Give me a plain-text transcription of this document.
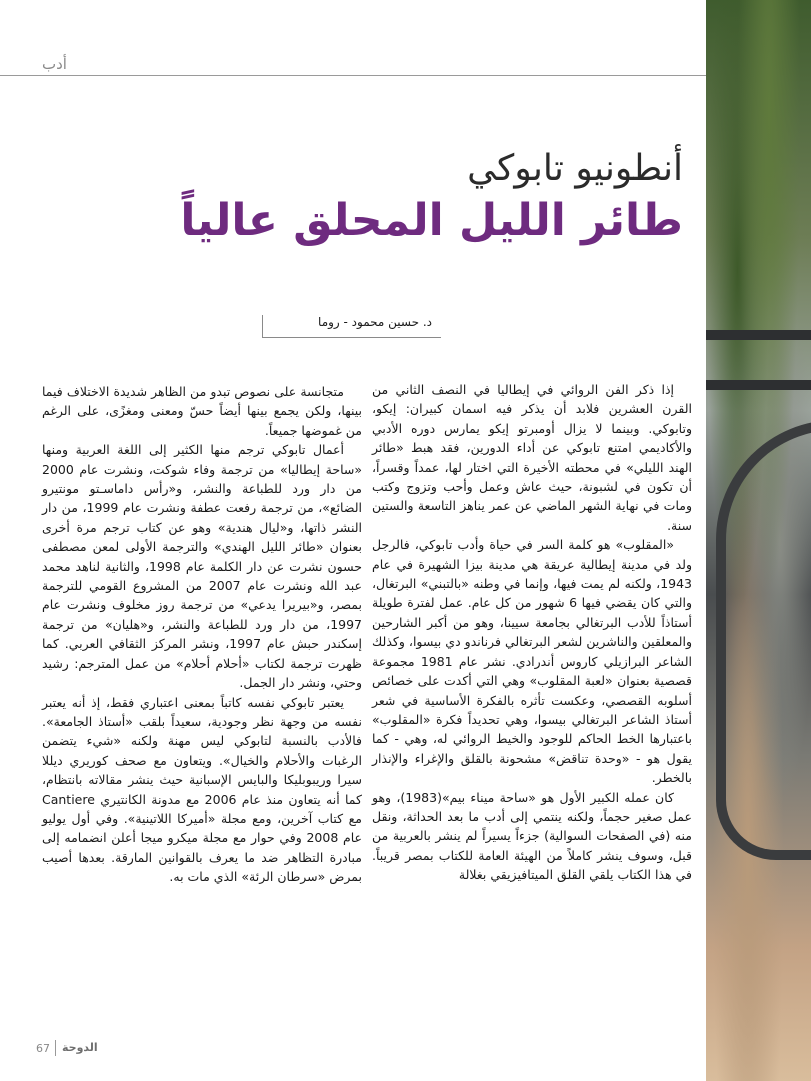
أدب
أنطونيو تابوكي
طائر الليل المحلق عالياً
د. حسين محمود - روما

إذا ذكر الفن الروائي في إيطاليا في النصف الثاني من القرن العشرين فلابد أن يذكر فيه اسمان كبيران: إيكو، وتابوكي. وبينما لا يزال أومبرتو إيكو يمارس دوره الأدبي والأكاديمي امتنع تابوكي عن أداء الدورين، فقد هبط «طائر الهند الليلي» في محطته الأخيرة التي اختار لها، عمداً وقسراً، أن تكون في لشبونة، حيث عاش وعمل وأحب وتزوج وكتب ومات في نهاية الشهر الماضي عن عمر يناهز التاسعة والستين سنة.

«المقلوب» هو كلمة السر في حياة وأدب تابوكي، فالرجل ولد في مدينة إيطالية عريقة هي مدينة بيزا الشهيرة في عام 1943، ولكنه لم يمت فيها، وإنما في وطنه «بالتبني» البرتغال، والتي كان يقضي فيها 6 شهور من كل عام. عمل لفترة طويلة أستاذاً للأدب البرتغالي بجامعة سيينا، وهو من أكبر الشارحين والمعلقين والناشرين لشعر البرتغالي فرناندو دي بيسوا، وكذلك الشاعر البرازيلي كاروس أندرادي. نشر عام 1981 مجموعة قصصية بعنوان «لعبة المقلوب» وهي التي أكدت على خصائص أسلوبه القصصي، وعكست تأثره بالفكرة الأساسية في شعر أستاذ الشاعر البرتغالي بيسوا، وهي تحديداً فكرة «المقلوب» باعتبارها الخط الحاكم للوجود والخيط الروائي له، وهي - كما يقول هو - «وحدة تناقض» مشحونة بالقلق والإغراء والإنذار بالخطر.

كان عمله الكبير الأول هو «ساحة ميناء بيم»(1983)، وهو عمل صغير حجماً، ولكنه ينتمي إلى أدب ما بعد الحداثة، ونقل منه (في الصفحات السوالية) جزءاً يسيراً لم ينشر بالعربية من قبل، وسوف ينشر كاملاً من الهيئة العامة للكتاب بمصر قريباً. في هذا الكتاب يلقي القلق الميتافيزيقي بغلالة

متجانسة على نصوص تبدو من الظاهر شديدة الاختلاف فيما بينها، ولكن يجمع بينها أيضاً حسّ ومعنى ومغزًى، على الرغم من غموضها جميعاً.

أعمال تابوكي ترجم منها الكثير إلى اللغة العربية ومنها «ساحة إيطاليا» من ترجمة وفاء شوكت، ونشرت عام 2000 من دار ورد للطباعة والنشر، و«رأس داماسـتو مونتيرو الضائع»، من ترجمة رفعت عطفة ونشرت عام 1999، من دار النشر ذاتها، و«ليال هندية» وهو عن كتاب ترجم مرة أخرى بعنوان «طائر الليل الهندي» والترجمة الأولى لمعن مصطفى حسون نشرت عن دار الكلمة عام 1998، والثانية لناهد محمد عبد الله ونشرت عام 2007 من المشروع القومي للترجمة بمصر، و«بيريرا يدعي» من ترجمة روز مخلوف ونشرت عام 1997، من دار ورد للطباعة والنشر، و«هليان» من ترجمة إسكندر حبش عام 1997، ونشر المركز الثقافي العربي. كما ظهرت ترجمة لكتاب «أحلام أحلام» من عمل المترجم: رشيد وحتي، ونشر دار الجمل.

يعتبر تابوكي نفسه كاتباً بمعنى اعتباري فقط، إذ أنه يعتبر نفسه من وجهة نظر وجودية، سعيداً بلقب «أستاذ الجامعة». فالأدب بالنسبة لتابوكي ليس مهنة ولكنه «شيء يتضمن الرغبات والأحلام والخيال». ويتعاون مع صحف كوريري ديللا سيرا وريبوبليكا والبايس الإسبانية حيث ينشر مقالاته بانتظام، كما أنه يتعاون منذ عام 2006 مع مدونة الكانتيري Cantiere مع كتاب آخرين، ومع مجلة «أميركا اللاتينية». وفي أول يوليو عام 2008 وفي حوار مع مجلة ميكرو ميجا أعلن انضمامه إلى مبادرة التظاهر ضد ما يعرف بالقوانين المارقة. بعدها أصيب بمرض «سرطان الرئة» الذي مات به.

67 الدوحة
